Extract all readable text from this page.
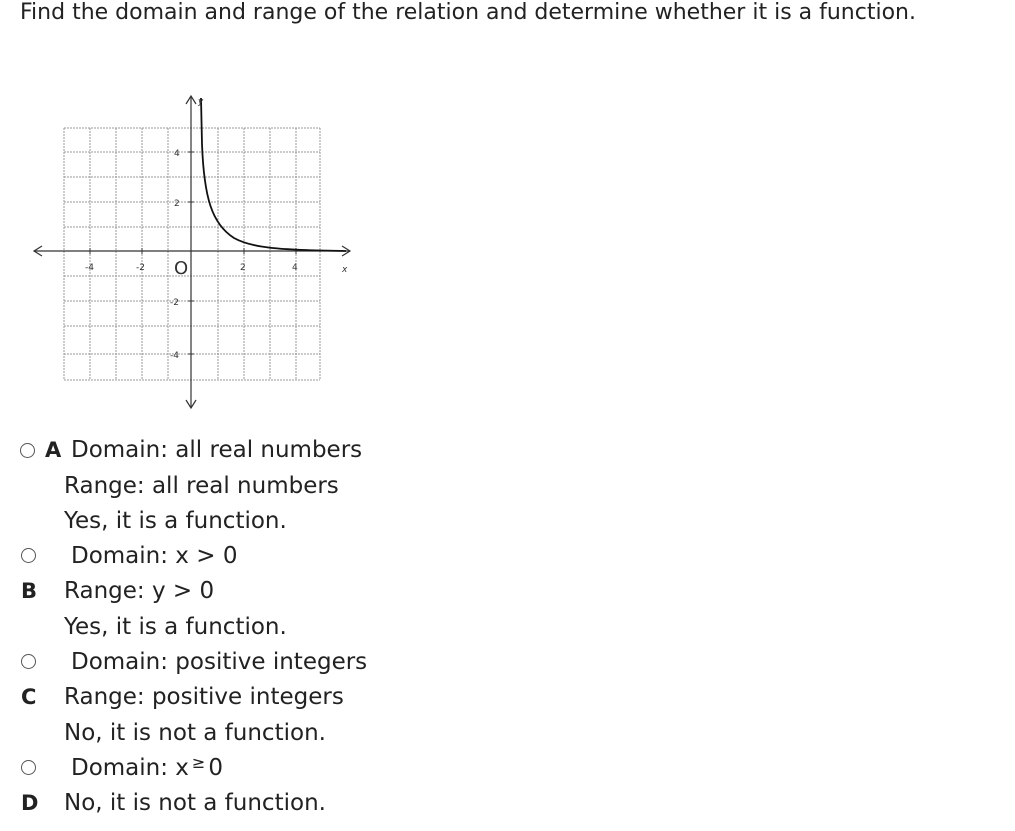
Find the domain and range of the relation and determine whether it is a function.
-4	-2	2	4
4
2
-2
-4
O	x
y
A Domain: all real numbers
Range: all real numbers
Yes, it is a function.
Domain: x > 0
B Range: y > 0
Yes, it is a function.
Domain: positive integers
C Range: positive integers
No, it is not a function.
Domain: x ≥ 0
D No, it is not a function.
